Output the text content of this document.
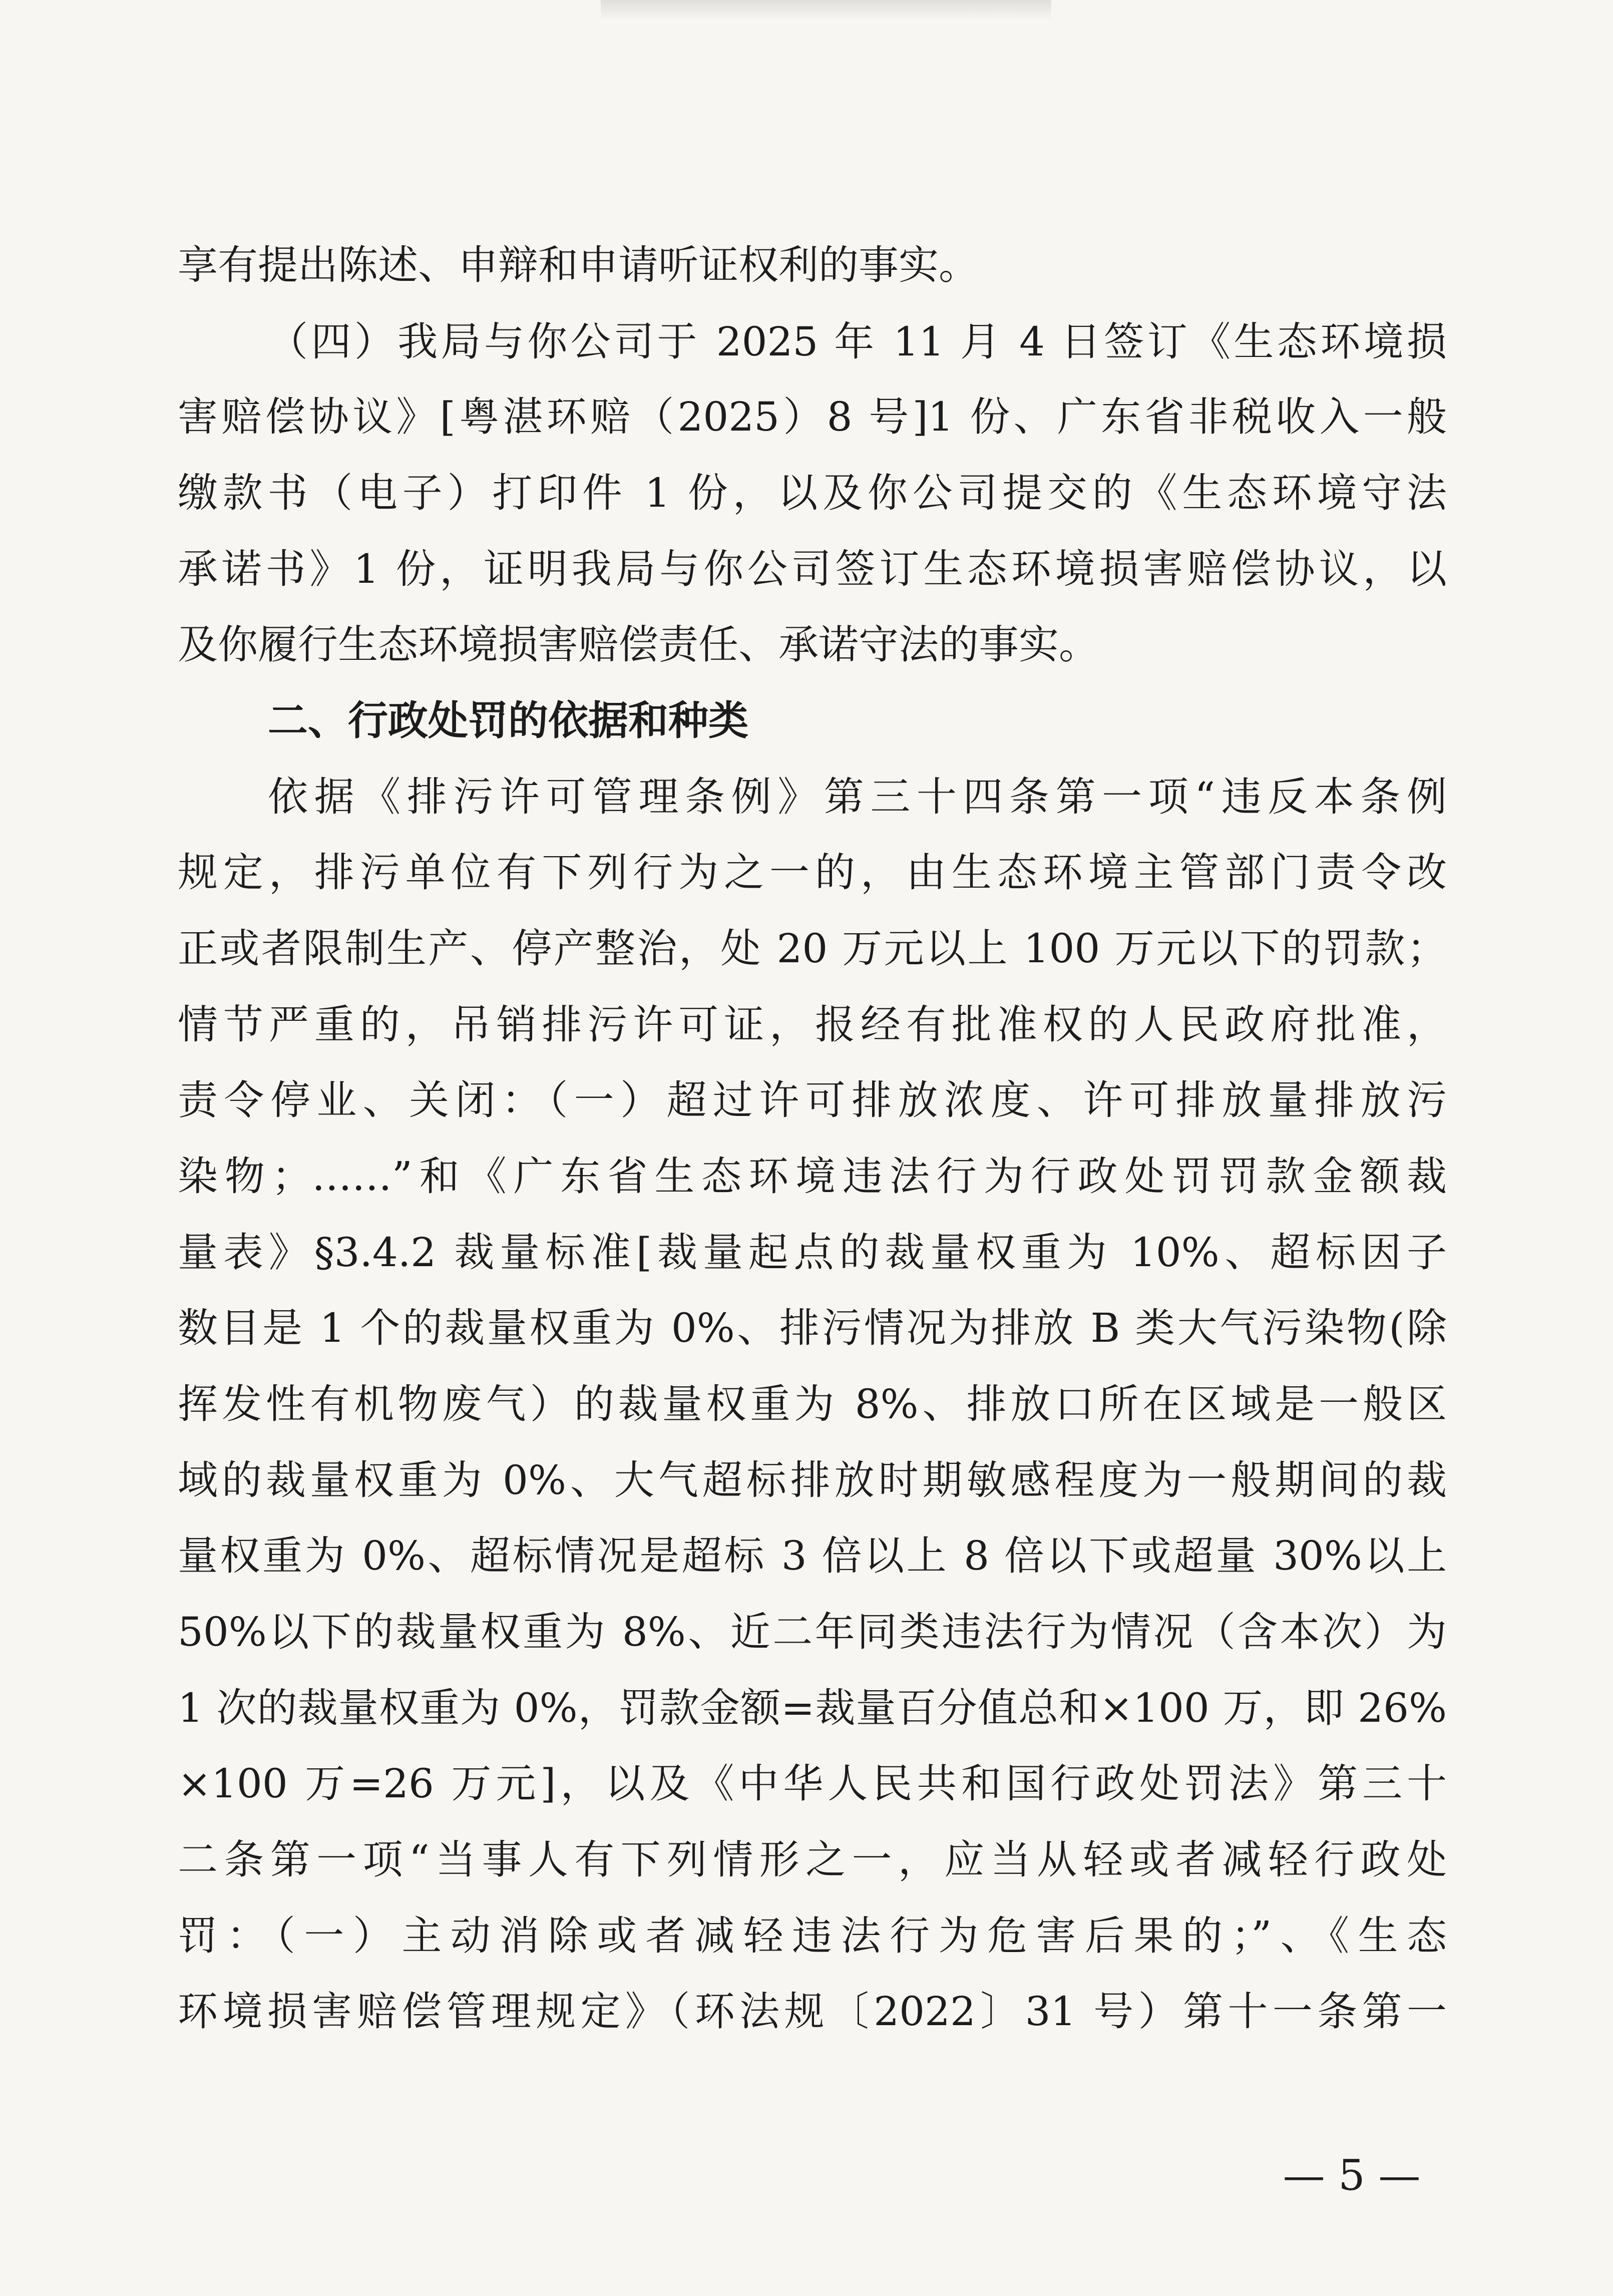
享有提出陈述、申辩和申请听证权利的事实。
（四）我局与你公司于 2025 年 11 月 4 日签订《生态环境损
害赔偿协议》[粤湛环赔（2025）8 号]1 份、广东省非税收入一般
缴款书（电子）打印件 1 份，以及你公司提交的《生态环境守法
承诺书》1 份，证明我局与你公司签订生态环境损害赔偿协议，以
及你履行生态环境损害赔偿责任、承诺守法的事实。
二、行政处罚的依据和种类
依据《排污许可管理条例》第三十四条第一项“违反本条例
规定，排污单位有下列行为之一的，由生态环境主管部门责令改
正或者限制生产、停产整治，处 20 万元以上 100 万元以下的罚款；
情节严重的，吊销排污许可证，报经有批准权的人民政府批准，
责令停业、关闭：（一）超过许可排放浓度、许可排放量排放污
染物；……”和《广东省生态环境违法行为行政处罚罚款金额裁
量表》§3.4.2 裁量标准[裁量起点的裁量权重为 10%、超标因子
数目是 1 个的裁量权重为 0%、排污情况为排放 B 类大气污染物(除
挥发性有机物废气）的裁量权重为 8%、排放口所在区域是一般区
域的裁量权重为 0%、大气超标排放时期敏感程度为一般期间的裁
量权重为 0%、超标情况是超标 3 倍以上 8 倍以下或超量 30%以上
50%以下的裁量权重为 8%、近二年同类违法行为情况（含本次）为
1 次的裁量权重为 0%，罚款金额=裁量百分值总和×100 万，即 26%
×100 万=26 万元]，以及《中华人民共和国行政处罚法》第三十
二条第一项“当事人有下列情形之一，应当从轻或者减轻行政处
罚：（一）主动消除或者减轻违法行为危害后果的；”、《生态
环境损害赔偿管理规定》（环法规〔2022〕31 号）第十一条第一
— 5 —
